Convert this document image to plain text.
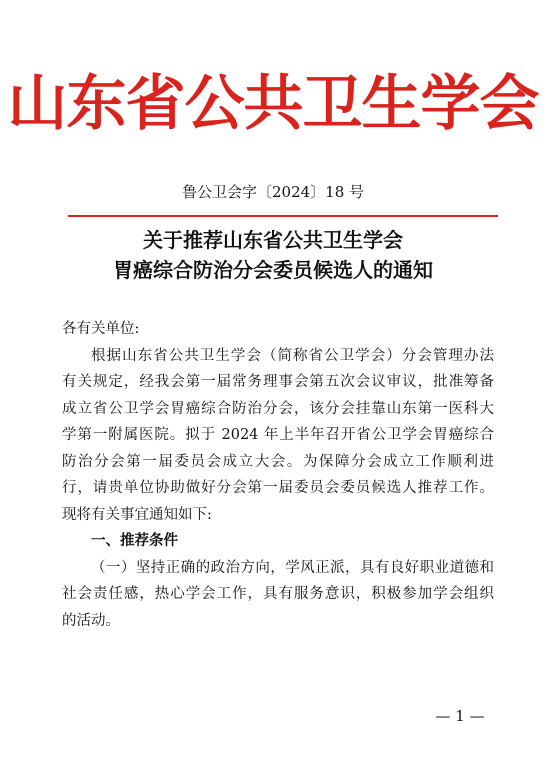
山东省公共卫生学会
鲁公卫会字〔2024〕18 号
关于推荐山东省公共卫生学会
胃癌综合防治分会委员候选人的通知
各有关单位:
根据山东省公共卫生学会（简称省公卫学会）分会管理办法
有关规定，经我会第一届常务理事会第五次会议审议，批准筹备
成立省公卫学会胃癌综合防治分会，该分会挂靠山东第一医科大
学第一附属医院。拟于 2024 年上半年召开省公卫学会胃癌综合
防治分会第一届委员会成立大会。为保障分会成立工作顺利进
行，请贵单位协助做好分会第一届委员会委员候选人推荐工作。
现将有关事宜通知如下:
一、推荐条件
（一）坚持正确的政治方向，学风正派，具有良好职业道德和
社会责任感，热心学会工作，具有服务意识，积极参加学会组织
的活动。
— 1 —
